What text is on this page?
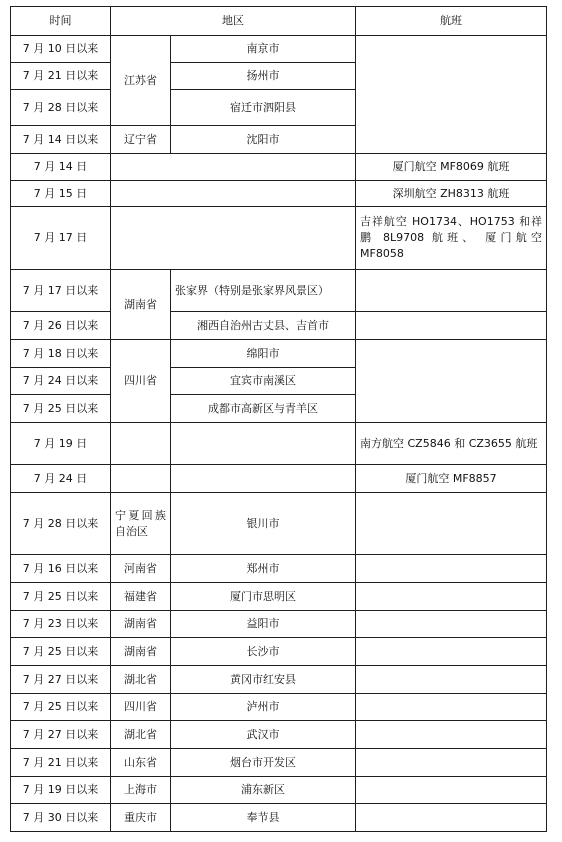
时间	地区		航班
7 月 10 日以来	江苏省	南京市	
7 月 21 日以来		扬州市	
7 月 28 日以来		宿迁市泗阳县	
7 月 14 日以来	辽宁省	沈阳市	
7 月 14 日			厦门航空 MF8069 航班
7 月 15 日			深圳航空 ZH8313 航班
7 月 17 日			吉祥航空 HO1734、HO1753 和祥鹏 8L9708 航班、 厦门航空 MF8058
7 月 17 日以来	湖南省	张家界（特别是张家界风景区）	
7 月 26 日以来		湘西自治州古丈县、吉首市	
7 月 18 日以来	四川省	绵阳市	
7 月 24 日以来		宜宾市南溪区	
7 月 25 日以来		成都市高新区与青羊区	
7 月 19 日			南方航空 CZ5846 和 CZ3655 航班
7 月 24 日			厦门航空 MF8857
7 月 28 日以来	宁夏回族自治区	银川市	
7 月 16 日以来	河南省	郑州市	
7 月 25 日以来	福建省	厦门市思明区	
7 月 23 日以来	湖南省	益阳市	
7 月 25 日以来	湖南省	长沙市	
7 月 27 日以来	湖北省	黄冈市红安县	
7 月 25 日以来	四川省	泸州市	
7 月 27 日以来	湖北省	武汉市	
7 月 21 日以来	山东省	烟台市开发区	
7 月 19 日以来	上海市	浦东新区	
7 月 30 日以来	重庆市	奉节县	
